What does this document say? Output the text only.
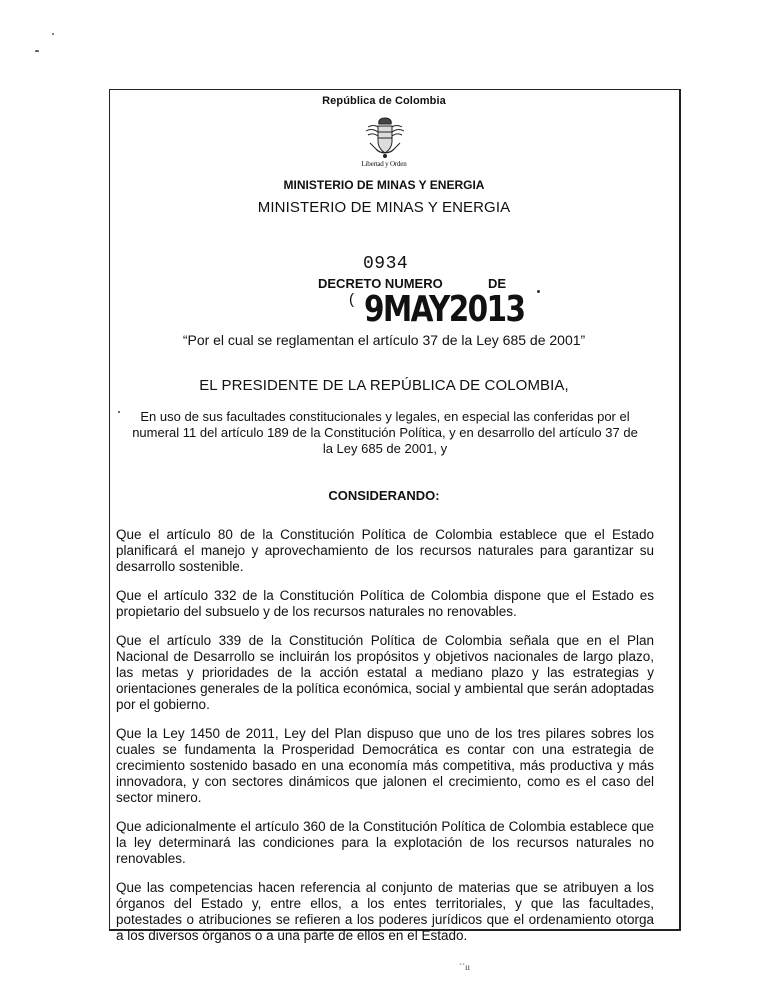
República de Colombia
Libertad y Orden
MINISTERIO DE MINAS Y ENERGIA
MINISTERIO DE MINAS Y ENERGIA
0934
DECRETO NUMERO	DE
( 9MAY2013
“Por el cual se reglamentan el artículo 37 de la Ley 685 de 2001”
EL PRESIDENTE DE LA REPÚBLICA DE COLOMBIA,
En uso de sus facultades constitucionales y legales, en especial las conferidas por el numeral 11 del artículo 189 de la Constitución Política, y en desarrollo del artículo 37 de la Ley 685 de 2001, y
CONSIDERANDO:

Que el artículo 80 de la Constitución Política de Colombia establece que el Estado planificará el manejo y aprovechamiento de los recursos naturales para garantizar su desarrollo sostenible.

Que el artículo 332 de la Constitución Política de Colombia dispone que el Estado es propietario del subsuelo y de los recursos naturales no renovables.

Que el artículo 339 de la Constitución Política de Colombia señala que en el Plan Nacional de Desarrollo se incluirán los propósitos y objetivos nacionales de largo plazo, las metas y prioridades de la acción estatal a mediano plazo y las estrategias y orientaciones generales de la política económica, social y ambiental que serán adoptadas por el gobierno.

Que la Ley 1450 de 2011, Ley del Plan dispuso que uno de los tres pilares sobres los cuales se fundamenta la Prosperidad Democrática es contar con una estrategia de crecimiento sostenido basado en una economía más competitiva, más productiva y más innovadora, y con sectores dinámicos que jalonen el crecimiento, como es el caso del sector minero.

Que adicionalmente el artículo 360 de la Constitución Política de Colombia establece que la ley determinará las condiciones para la explotación de los recursos naturales no renovables.

Que las competencias hacen referencia al conjunto de materias que se atribuyen a los órganos del Estado y, entre ellos, a los entes territoriales, y que las facultades, potestades o atribuciones se refieren a los poderes jurídicos que el ordenamiento otorga a los diversos órganos o a una parte de ellos en el Estado.

´´ıı
